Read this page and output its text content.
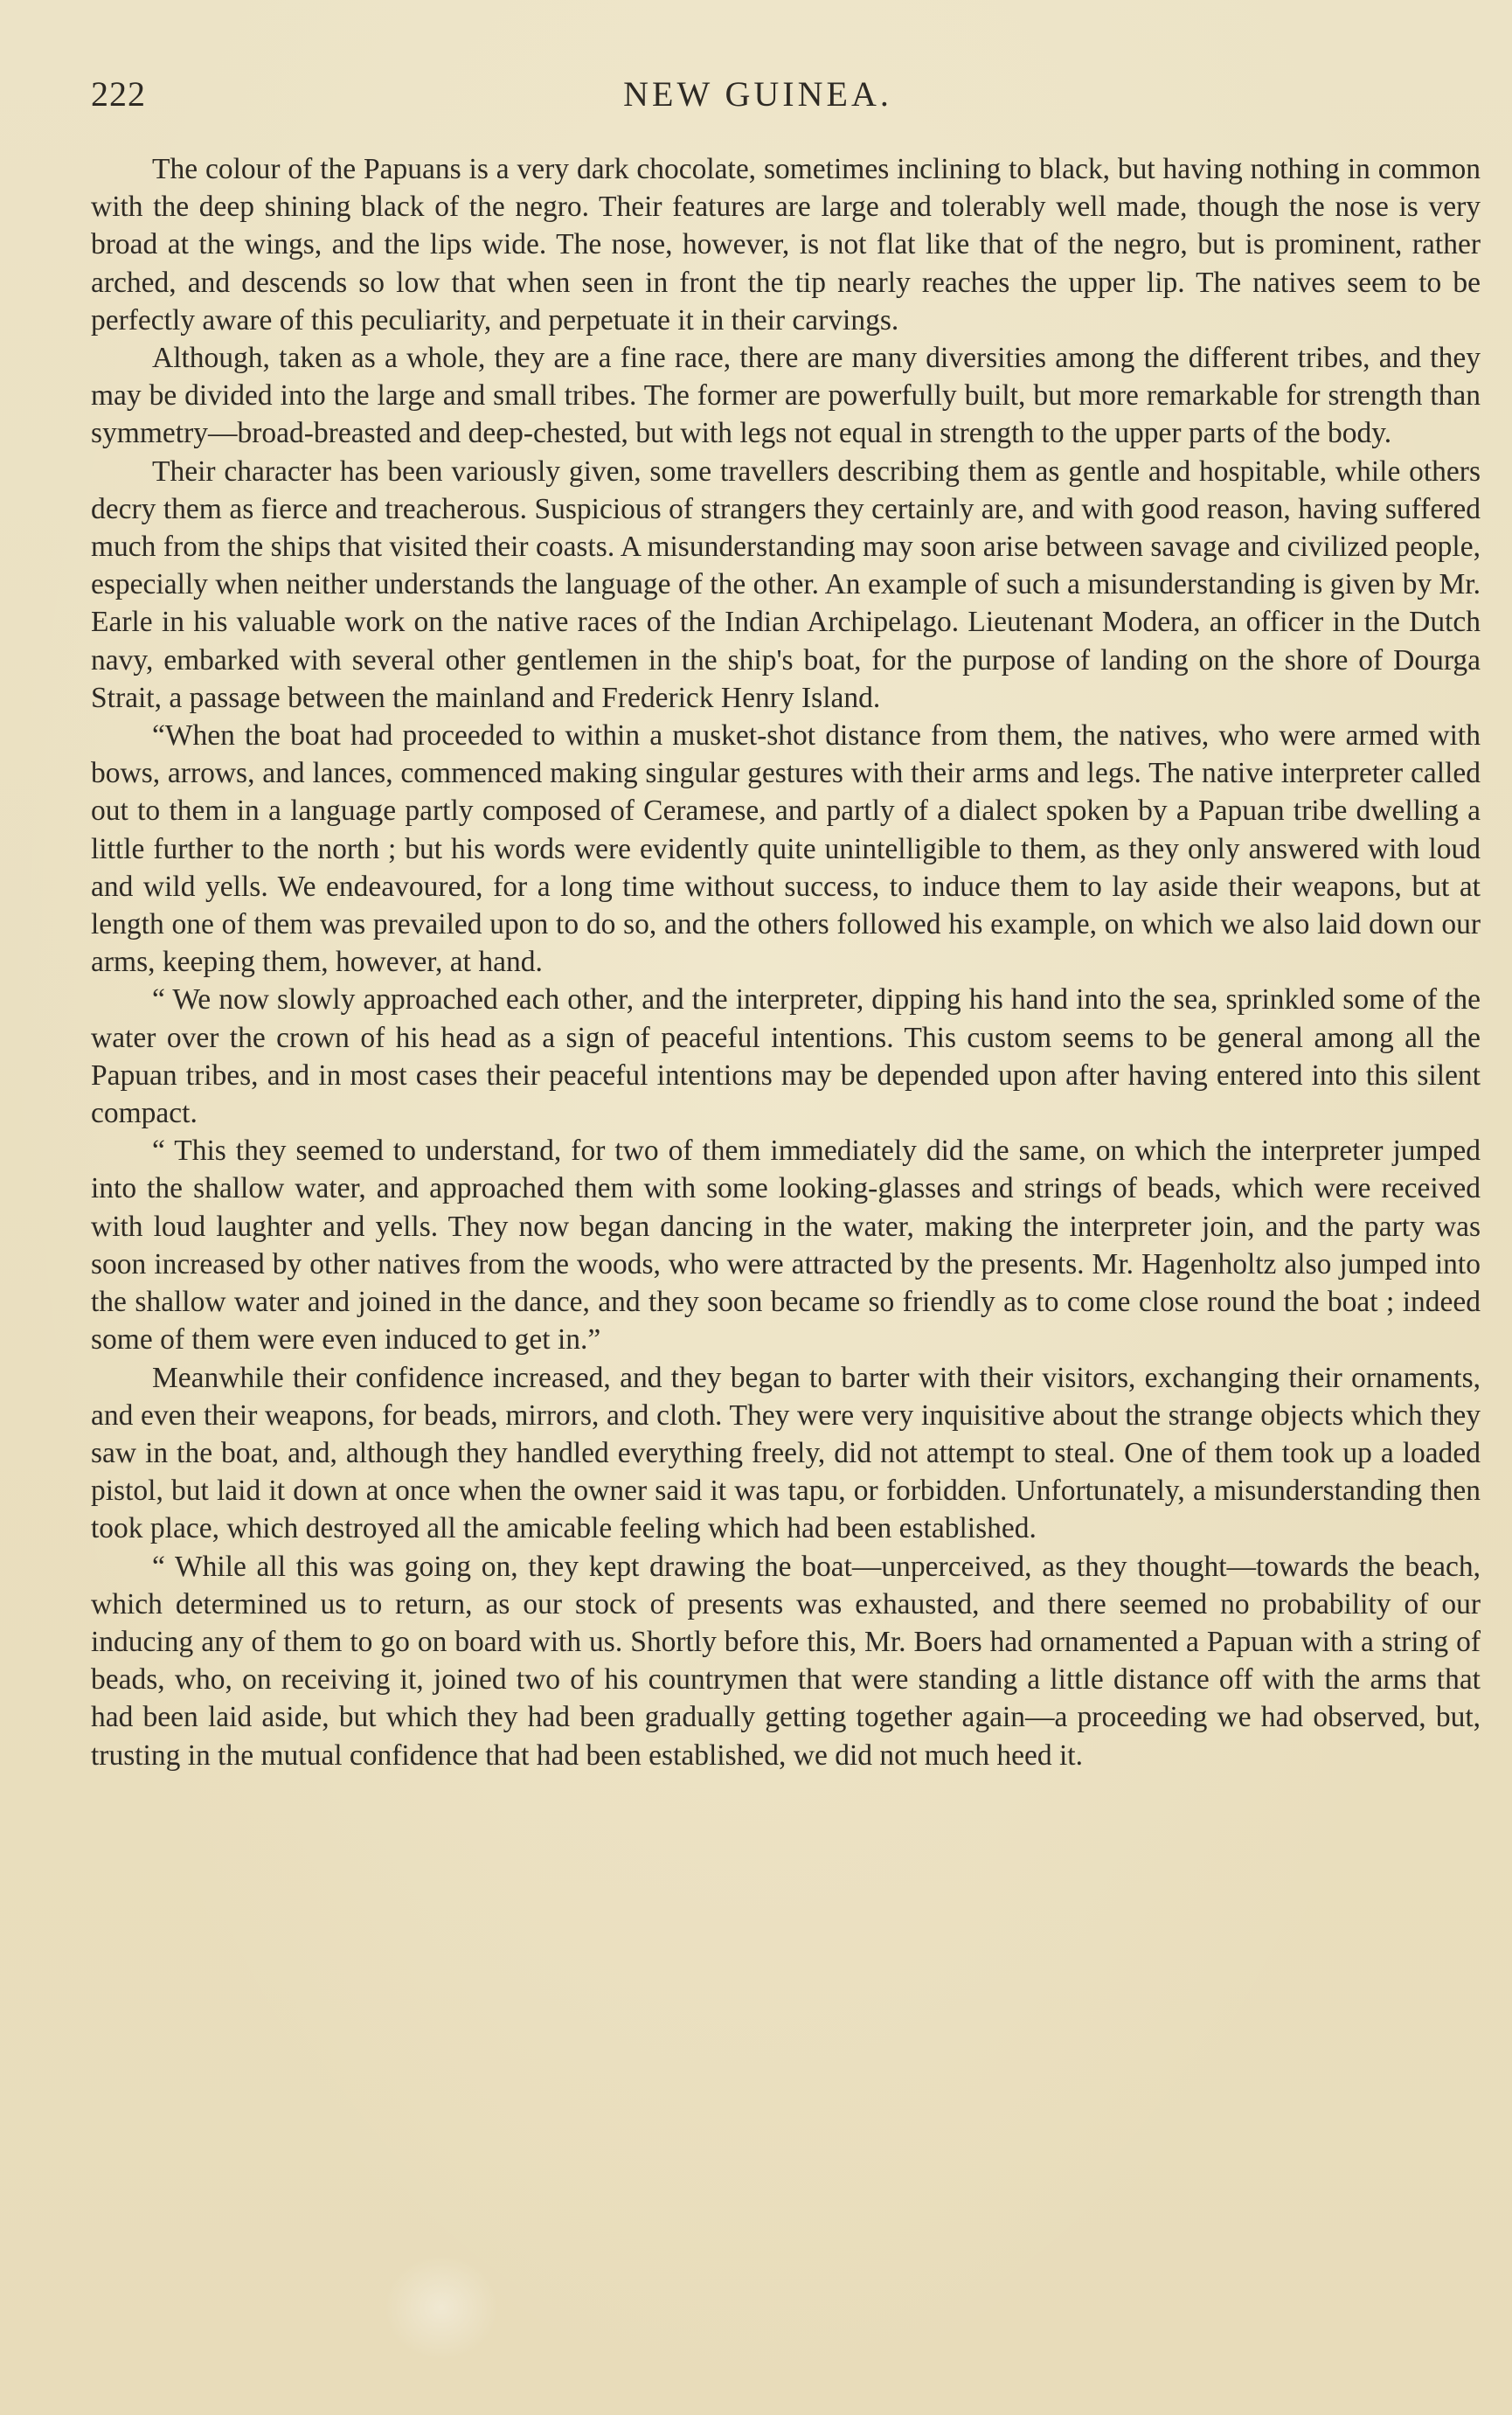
222	NEW GUINEA.

The colour of the Papuans is a very dark chocolate, sometimes inclining to black, but having nothing in common with the deep shining black of the negro. Their features are large and tolerably well made, though the nose is very broad at the wings, and the lips wide. The nose, however, is not flat like that of the negro, but is prominent, rather arched, and descends so low that when seen in front the tip nearly reaches the upper lip. The natives seem to be perfectly aware of this peculiarity, and perpetuate it in their carvings.

Although, taken as a whole, they are a fine race, there are many diversities among the different tribes, and they may be divided into the large and small tribes. The former are powerfully built, but more remarkable for strength than symmetry—broad-breasted and deep-chested, but with legs not equal in strength to the upper parts of the body.

Their character has been variously given, some travellers describing them as gentle and hospitable, while others decry them as fierce and treacherous. Suspicious of strangers they certainly are, and with good reason, having suffered much from the ships that visited their coasts. A misunderstanding may soon arise between savage and civilized people, especially when neither understands the language of the other. An example of such a misunderstanding is given by Mr. Earle in his valuable work on the native races of the Indian Archipelago. Lieutenant Modera, an officer in the Dutch navy, embarked with several other gentlemen in the ship's boat, for the purpose of landing on the shore of Dourga Strait, a passage between the mainland and Frederick Henry Island.

“When the boat had proceeded to within a musket-shot distance from them, the natives, who were armed with bows, arrows, and lances, commenced making singular gestures with their arms and legs. The native interpreter called out to them in a language partly composed of Ceramese, and partly of a dialect spoken by a Papuan tribe dwelling a little further to the north ; but his words were evidently quite unintelligible to them, as they only answered with loud and wild yells. We endeavoured, for a long time without success, to induce them to lay aside their weapons, but at length one of them was prevailed upon to do so, and the others followed his example, on which we also laid down our arms, keeping them, however, at hand.

“ We now slowly approached each other, and the interpreter, dipping his hand into the sea, sprinkled some of the water over the crown of his head as a sign of peaceful intentions. This custom seems to be general among all the Papuan tribes, and in most cases their peaceful intentions may be depended upon after having entered into this silent compact.

“ This they seemed to understand, for two of them immediately did the same, on which the interpreter jumped into the shallow water, and approached them with some looking-glasses and strings of beads, which were received with loud laughter and yells. They now began dancing in the water, making the interpreter join, and the party was soon increased by other natives from the woods, who were attracted by the presents. Mr. Hagenholtz also jumped into the shallow water and joined in the dance, and they soon became so friendly as to come close round the boat ; indeed some of them were even induced to get in.”

Meanwhile their confidence increased, and they began to barter with their visitors, exchanging their ornaments, and even their weapons, for beads, mirrors, and cloth. They were very inquisitive about the strange objects which they saw in the boat, and, although they handled everything freely, did not attempt to steal. One of them took up a loaded pistol, but laid it down at once when the owner said it was tapu, or forbidden. Unfortunately, a misunderstanding then took place, which destroyed all the amicable feeling which had been established.

“ While all this was going on, they kept drawing the boat—unperceived, as they thought—towards the beach, which determined us to return, as our stock of presents was exhausted, and there seemed no probability of our inducing any of them to go on board with us. Shortly before this, Mr. Boers had ornamented a Papuan with a string of beads, who, on receiving it, joined two of his countrymen that were standing a little distance off with the arms that had been laid aside, but which they had been gradually getting together again—a proceeding we had observed, but, trusting in the mutual confidence that had been established, we did not much heed it.
